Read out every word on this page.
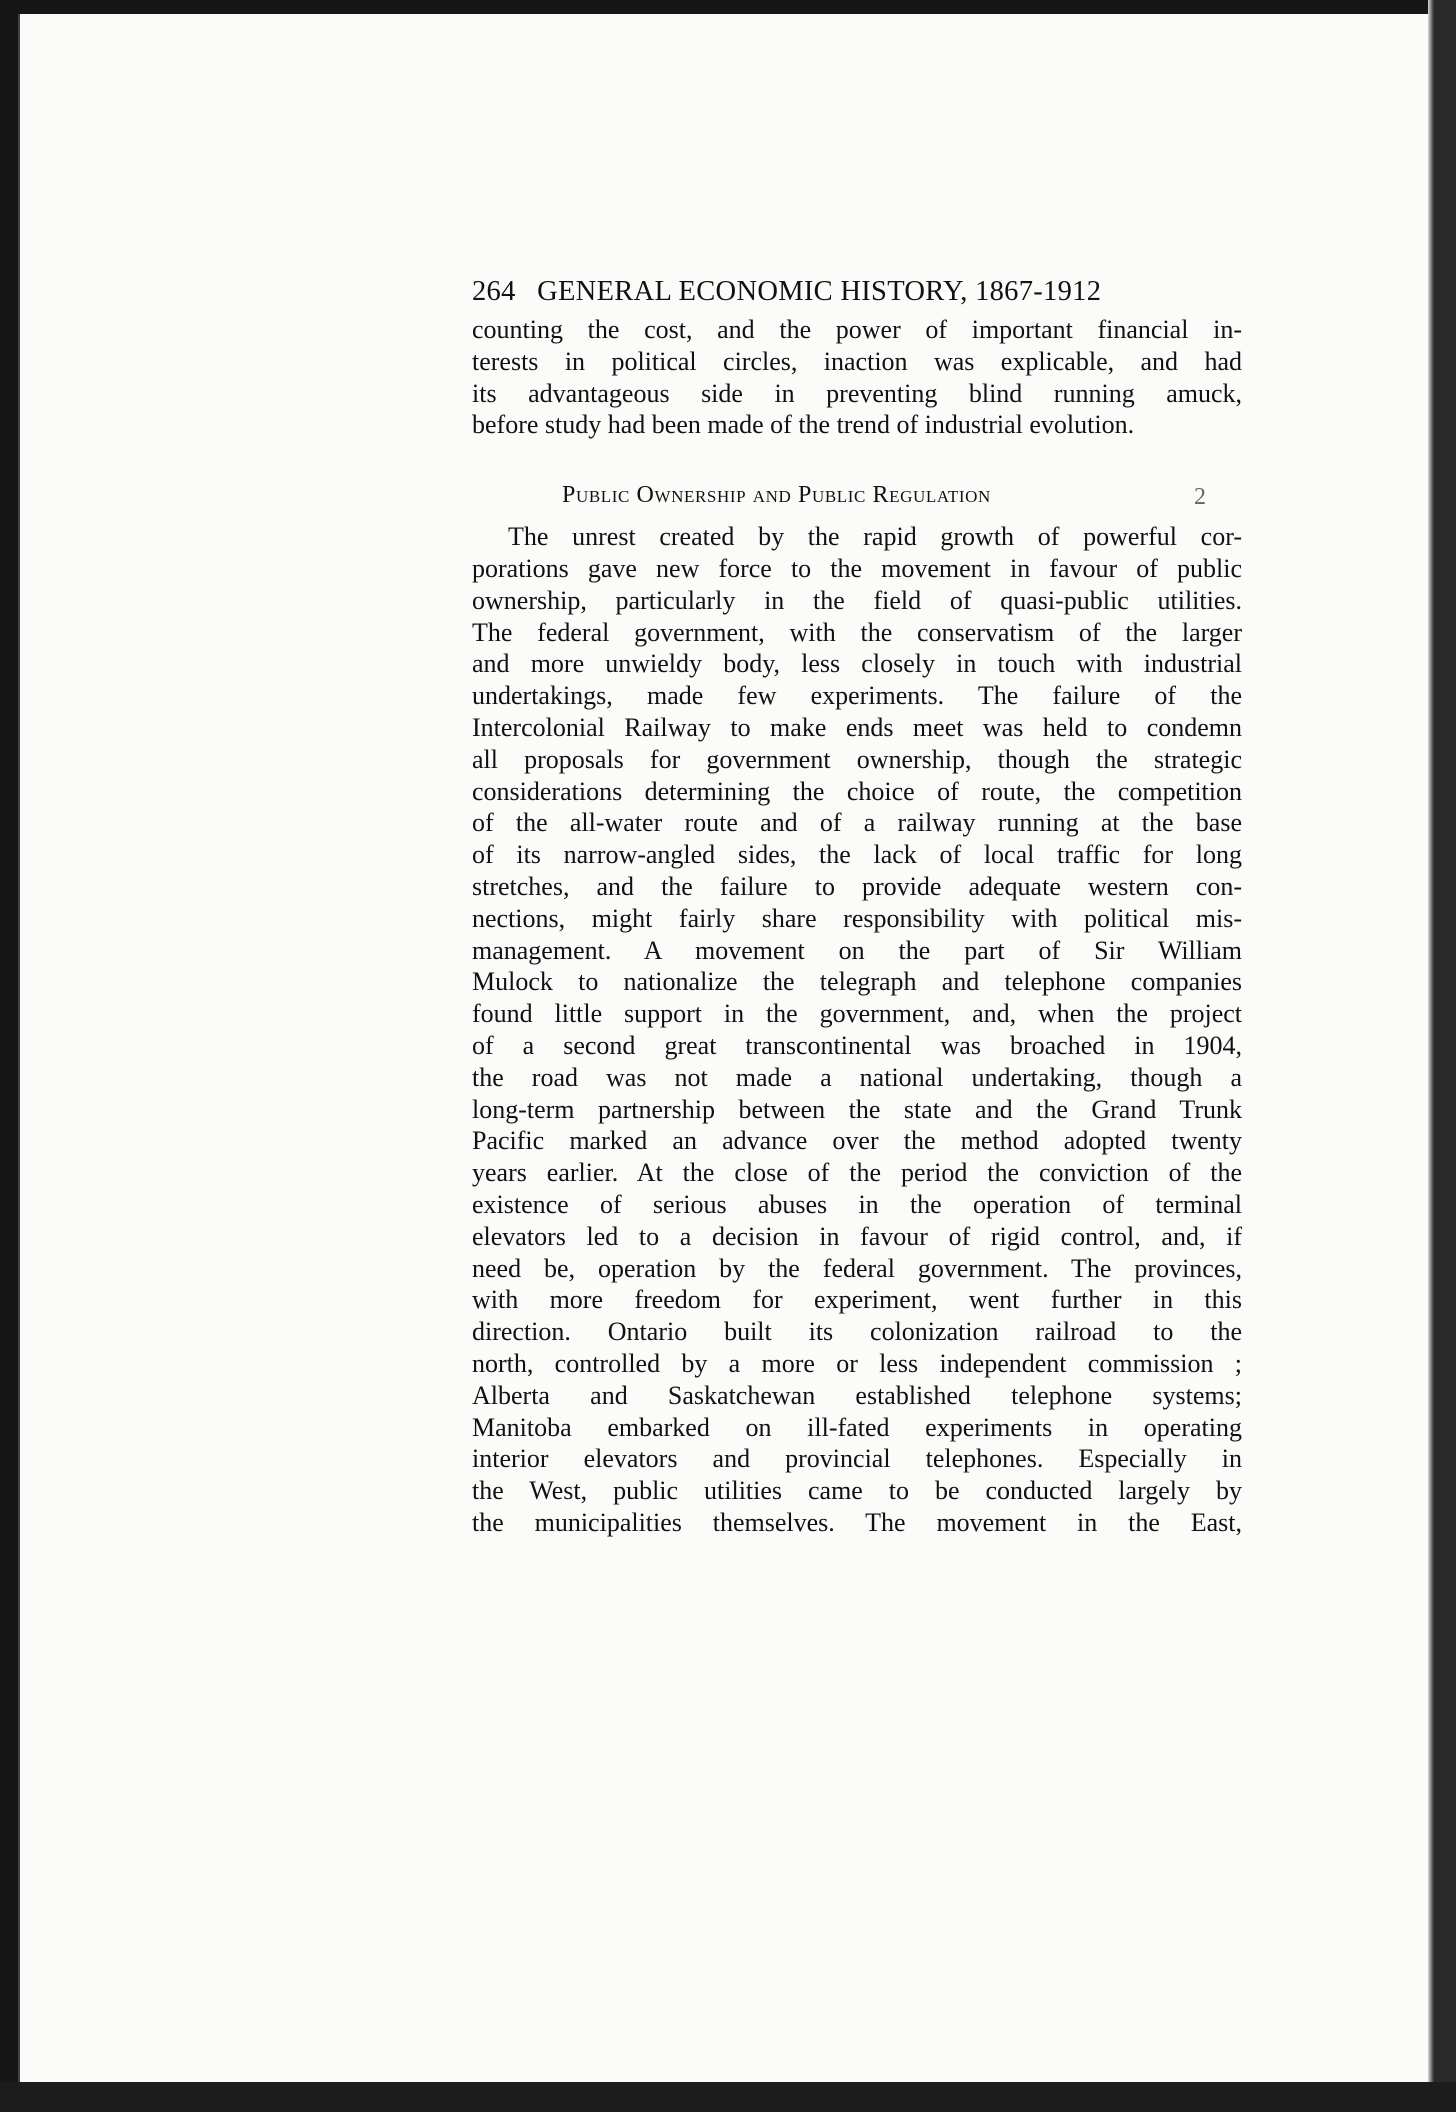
264 GENERAL ECONOMIC HISTORY, 1867-1912
counting the cost, and the power of important financial in-
terests in political circles, inaction was explicable, and had
its advantageous side in preventing blind running amuck,
before study had been made of the trend of industrial evolution.
Public Ownership and Public Regulation	2
The unrest created by the rapid growth of powerful cor-
porations gave new force to the movement in favour of public
ownership, particularly in the field of quasi-public utilities.
The federal government, with the conservatism of the larger
and more unwieldy body, less closely in touch with industrial
undertakings, made few experiments. The failure of the
Intercolonial Railway to make ends meet was held to condemn
all proposals for government ownership, though the strategic
considerations determining the choice of route, the competition
of the all-water route and of a railway running at the base
of its narrow-angled sides, the lack of local traffic for long
stretches, and the failure to provide adequate western con-
nections, might fairly share responsibility with political mis-
management. A movement on the part of Sir William
Mulock to nationalize the telegraph and telephone companies
found little support in the government, and, when the project
of a second great transcontinental was broached in 1904,
the road was not made a national undertaking, though a
long-term partnership between the state and the Grand Trunk
Pacific marked an advance over the method adopted twenty
years earlier. At the close of the period the conviction of the
existence of serious abuses in the operation of terminal
elevators led to a decision in favour of rigid control, and, if
need be, operation by the federal government. The provinces,
with more freedom for experiment, went further in this
direction. Ontario built its colonization railroad to the
north, controlled by a more or less independent commission ;
Alberta and Saskatchewan established telephone systems;
Manitoba embarked on ill-fated experiments in operating
interior elevators and provincial telephones. Especially in
the West, public utilities came to be conducted largely by
the municipalities themselves. The movement in the East,
